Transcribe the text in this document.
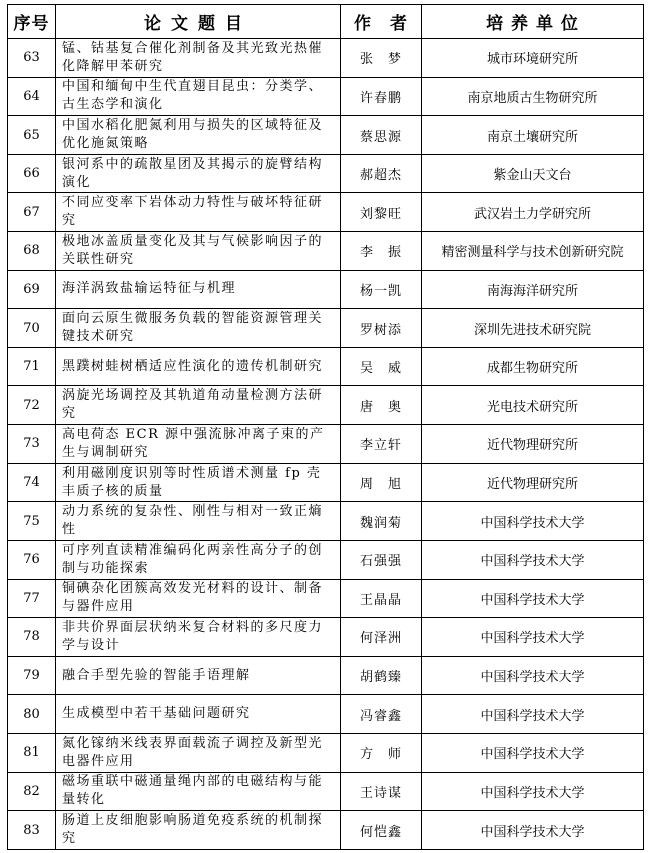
序号	论文题目	作　者	培 养 单 位
63	锰、钴基复合催化剂制备及其光致光热催化降解甲苯研究	张　梦	城市环境研究所
64	中国和缅甸中生代直翅目昆虫：分类学、古生态学和演化	许春鹏	南京地质古生物研究所
65	中国水稻化肥氮利用与损失的区域特征及优化施氮策略	蔡思源	南京土壤研究所
66	银河系中的疏散星团及其揭示的旋臂结构演化	郝超杰	紫金山天文台
67	不同应变率下岩体动力特性与破坏特征研究	刘黎旺	武汉岩土力学研究所
68	极地冰盖质量变化及其与气候影响因子的关联性研究	李　振	精密测量科学与技术创新研究院
69	海洋涡致盐输运特征与机理	杨一凯	南海海洋研究所
70	面向云原生微服务负载的智能资源管理关键技术研究	罗树添	深圳先进技术研究院
71	黑蹼树蛙树栖适应性演化的遗传机制研究	吴　威	成都生物研究所
72	涡旋光场调控及其轨道角动量检测方法研究	唐　奥	光电技术研究所
73	高电荷态 ECR 源中强流脉冲离子束的产生与调制研究	李立轩	近代物理研究所
74	利用磁刚度识别等时性质谱术测量 fp 壳丰质子核的质量	周　旭	近代物理研究所
75	动力系统的复杂性、刚性与相对一致正熵性	魏润菊	中国科学技术大学
76	可序列直读精准编码化两亲性高分子的创制与功能探索	石强强	中国科学技术大学
77	铜碘杂化团簇高效发光材料的设计、制备与器件应用	王晶晶	中国科学技术大学
78	非共价界面层状纳米复合材料的多尺度力学与设计	何泽洲	中国科学技术大学
79	融合手型先验的智能手语理解	胡鹤臻	中国科学技术大学
80	生成模型中若干基础问题研究	冯睿鑫	中国科学技术大学
81	氮化镓纳米线表界面载流子调控及新型光电器件应用	方　师	中国科学技术大学
82	磁场重联中磁通量绳内部的电磁结构与能量转化	王诗谋	中国科学技术大学
83	肠道上皮细胞影响肠道免疫系统的机制探究	何恺鑫	中国科学技术大学
